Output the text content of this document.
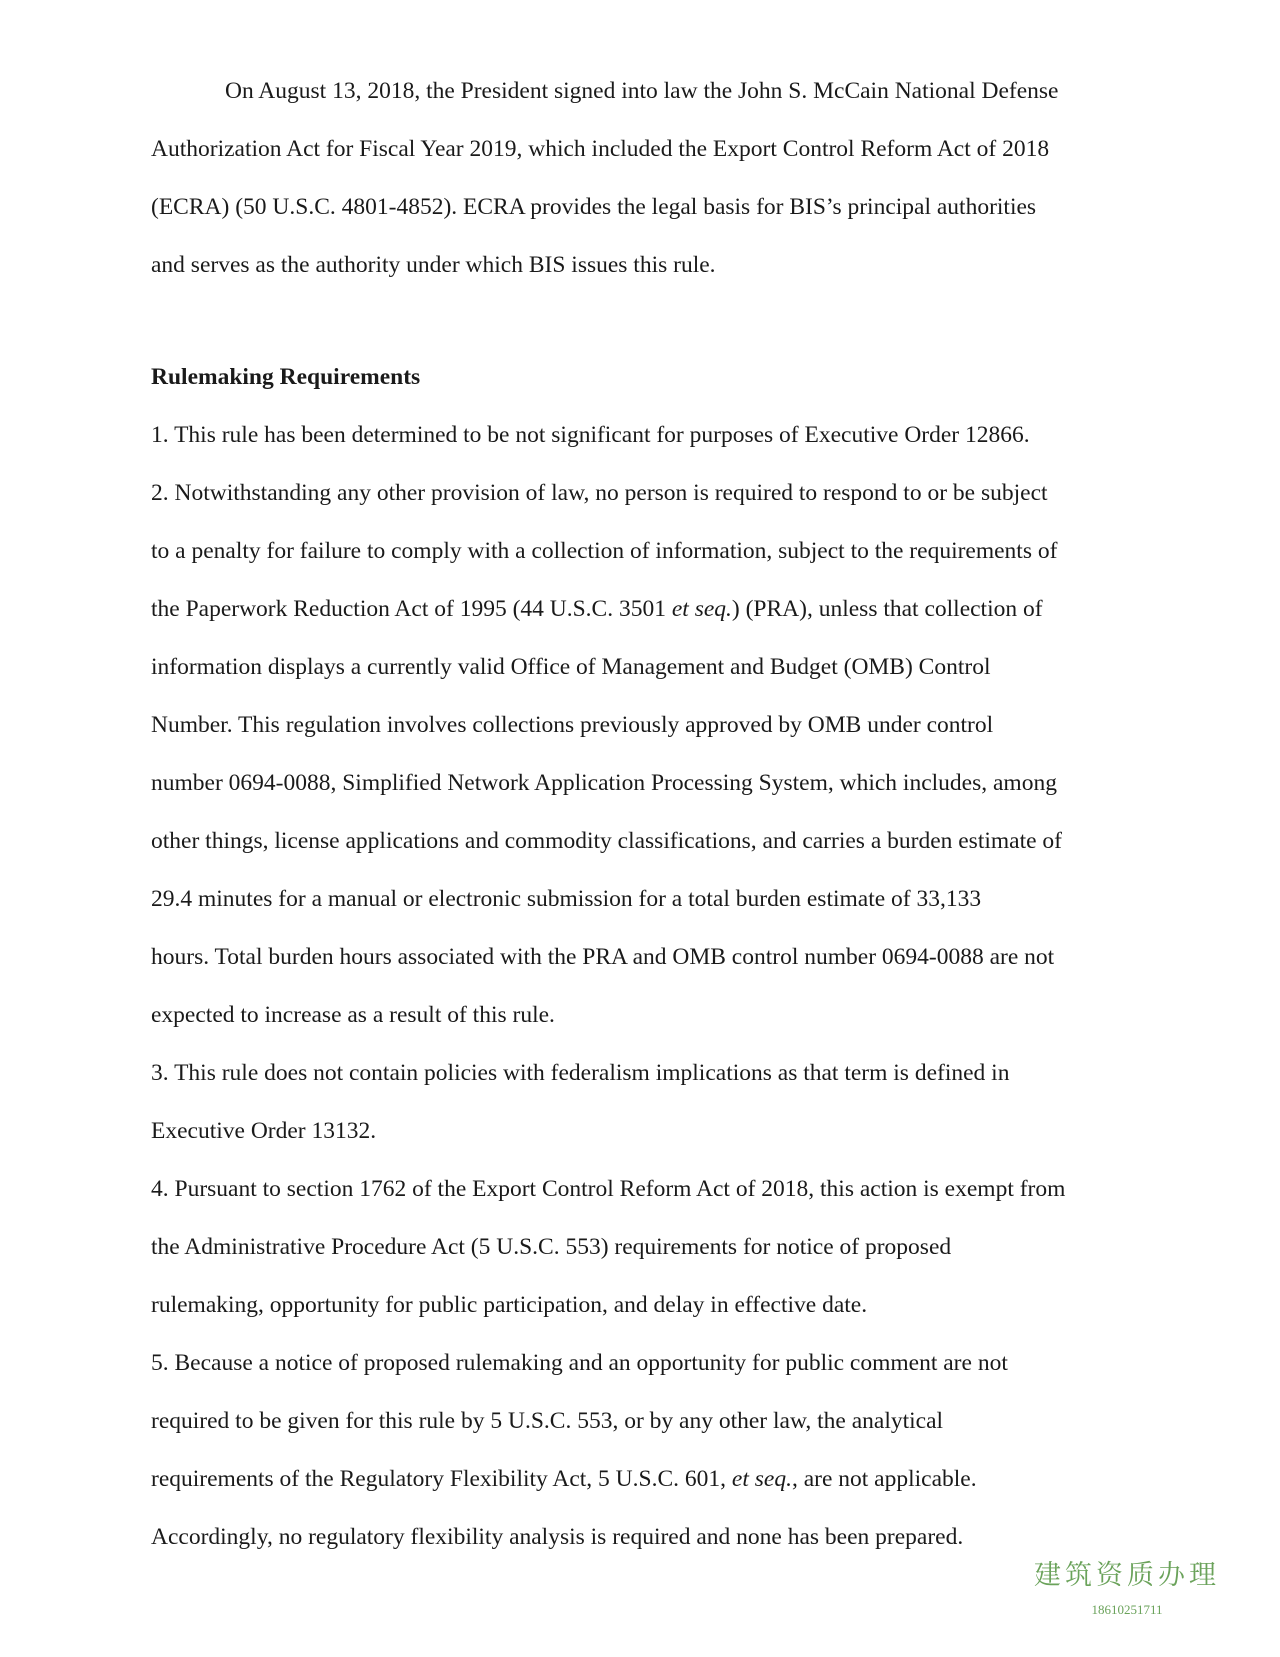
On August 13, 2018, the President signed into law the John S. McCain National Defense
Authorization Act for Fiscal Year 2019, which included the Export Control Reform Act of 2018
(ECRA) (50 U.S.C. 4801-4852). ECRA provides the legal basis for BIS’s principal authorities
and serves as the authority under which BIS issues this rule.
Rulemaking Requirements
1. This rule has been determined to be not significant for purposes of Executive Order 12866.
2. Notwithstanding any other provision of law, no person is required to respond to or be subject
to a penalty for failure to comply with a collection of information, subject to the requirements of
the Paperwork Reduction Act of 1995 (44 U.S.C. 3501 et seq.) (PRA), unless that collection of
information displays a currently valid Office of Management and Budget (OMB) Control
Number. This regulation involves collections previously approved by OMB under control
number 0694-0088, Simplified Network Application Processing System, which includes, among
other things, license applications and commodity classifications, and carries a burden estimate of
29.4 minutes for a manual or electronic submission for a total burden estimate of 33,133
hours. Total burden hours associated with the PRA and OMB control number 0694-0088 are not
expected to increase as a result of this rule.
3. This rule does not contain policies with federalism implications as that term is defined in
Executive Order 13132.
4. Pursuant to section 1762 of the Export Control Reform Act of 2018, this action is exempt from
the Administrative Procedure Act (5 U.S.C. 553) requirements for notice of proposed
rulemaking, opportunity for public participation, and delay in effective date.
5. Because a notice of proposed rulemaking and an opportunity for public comment are not
required to be given for this rule by 5 U.S.C. 553, or by any other law, the analytical
requirements of the Regulatory Flexibility Act, 5 U.S.C. 601, et seq., are not applicable.
Accordingly, no regulatory flexibility analysis is required and none has been prepared.
建筑资质办理
18610251711
